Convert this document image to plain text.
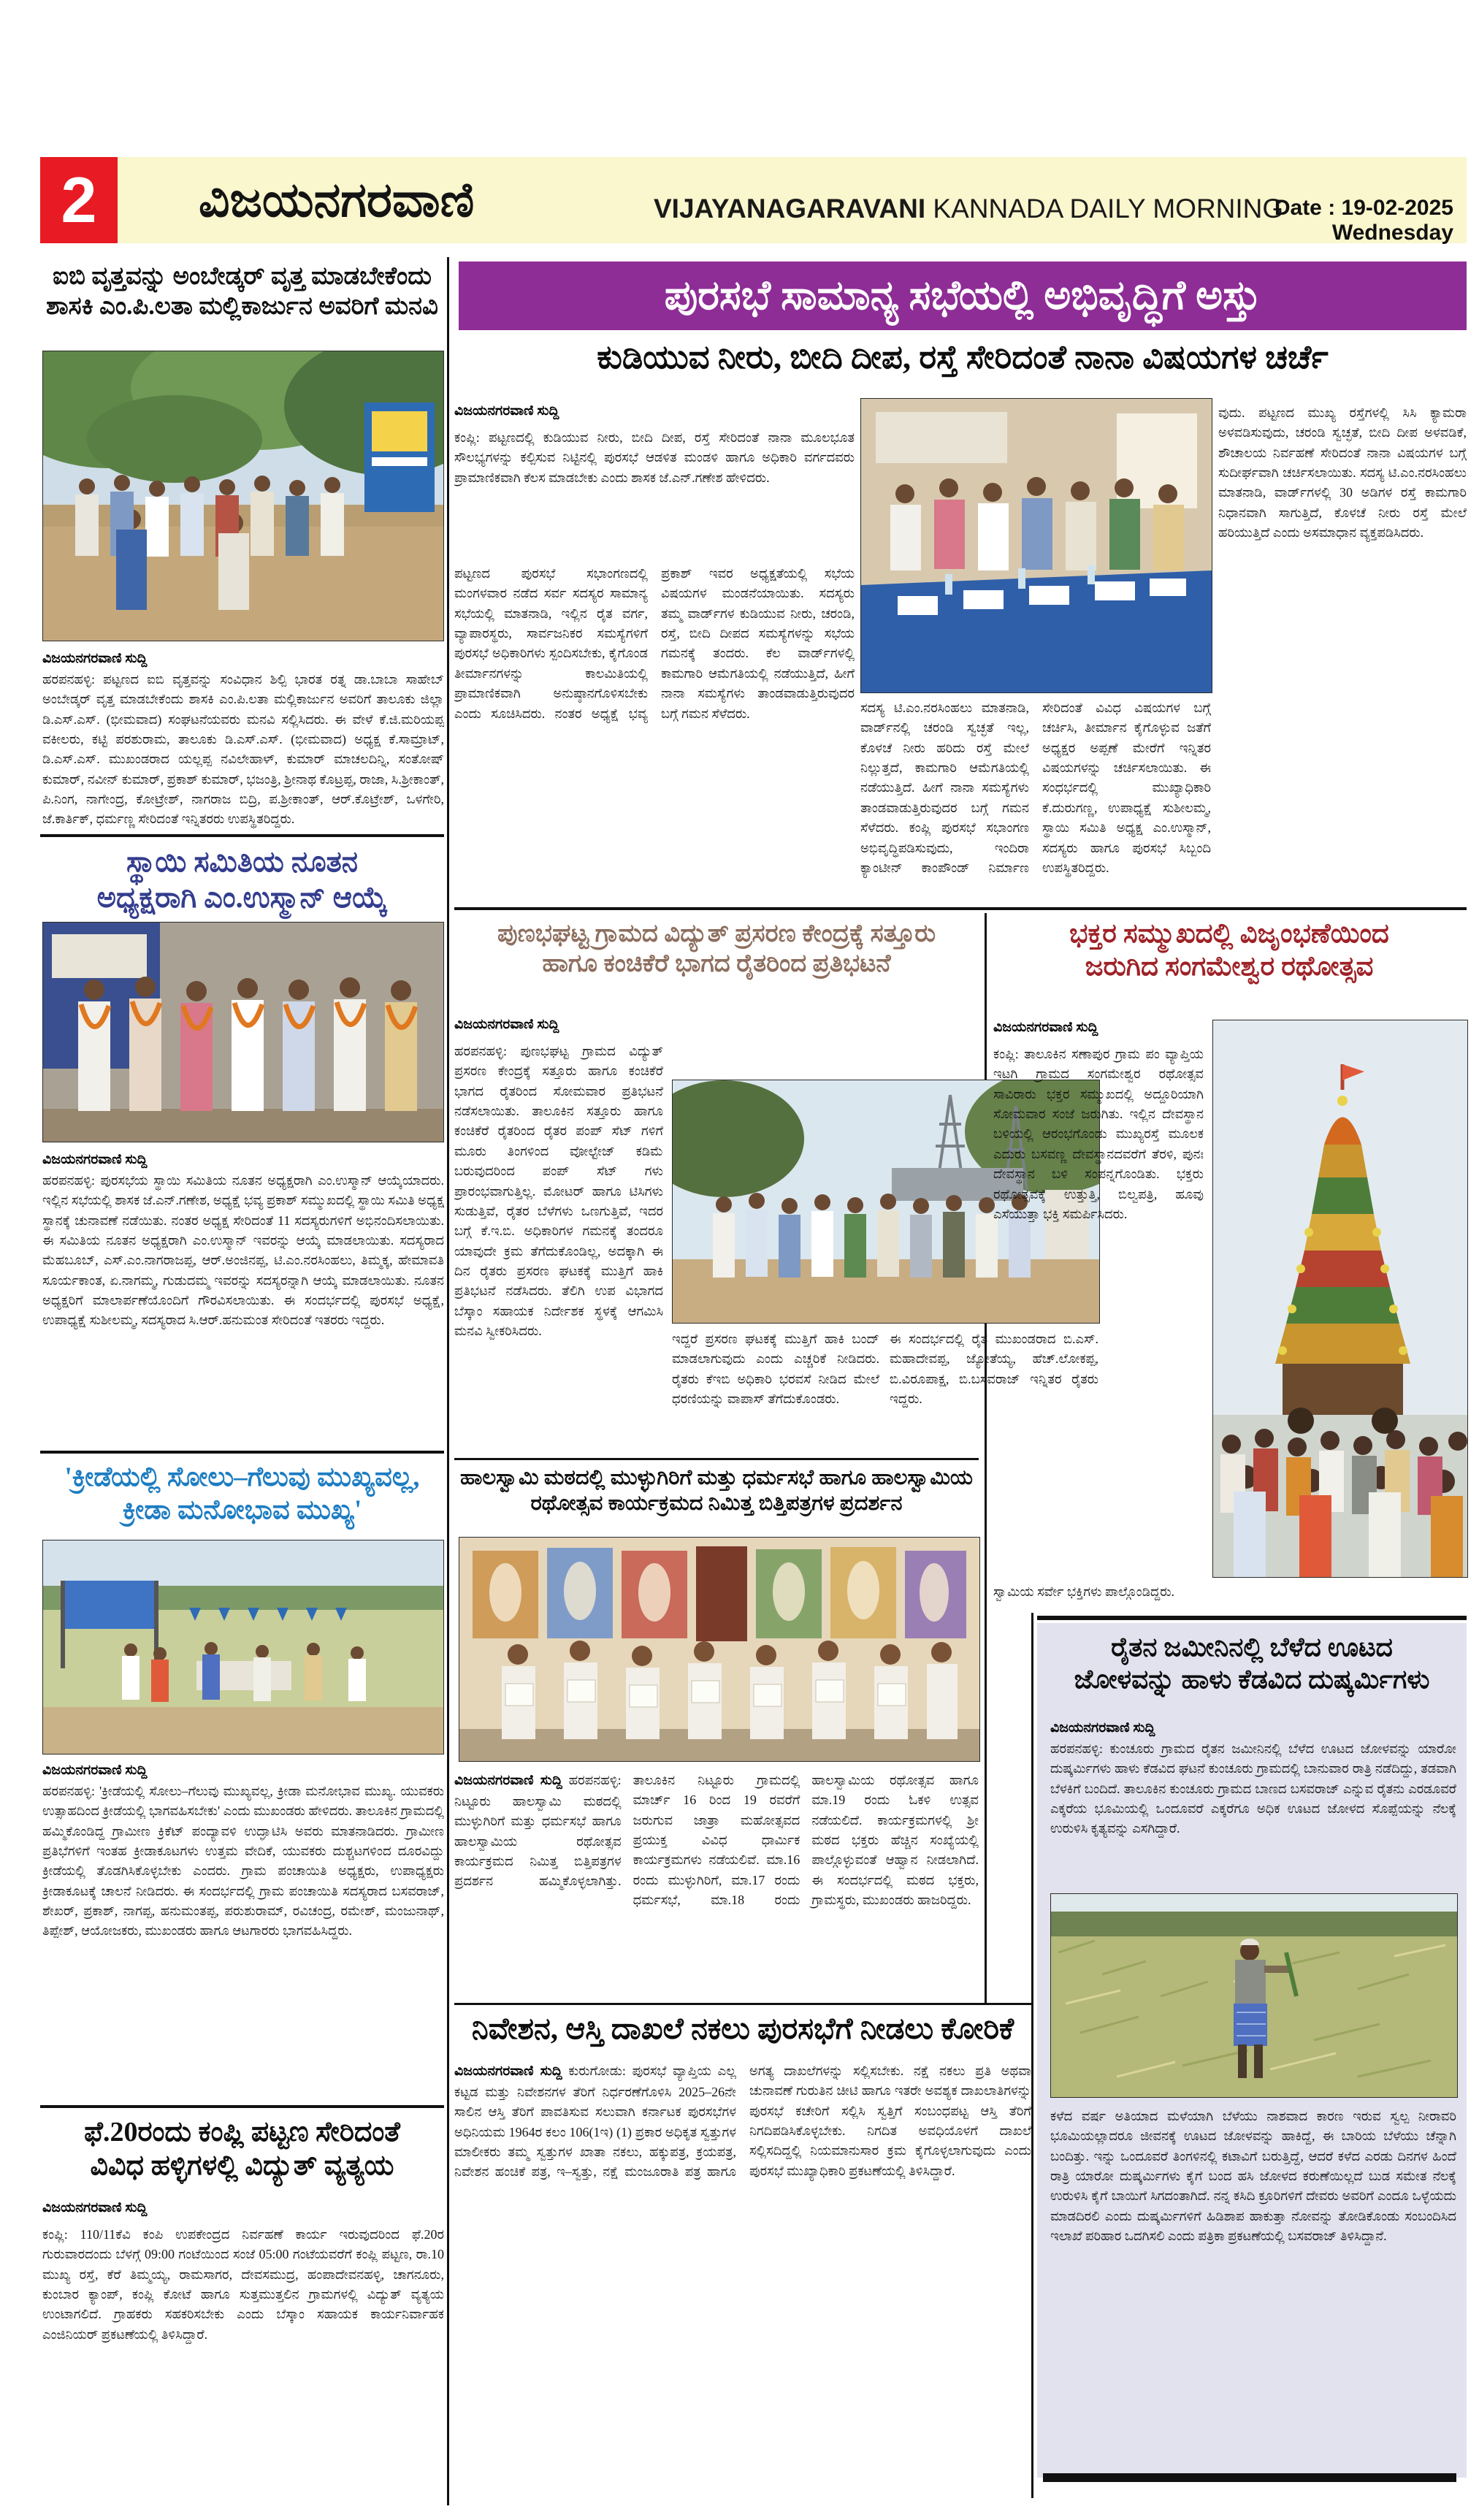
2 ವಿಜಯನಗರವಾಣಿ	VIJAYANAGARAVANI KANNADA DAILY MORNING
Date : 19-02-2025 Wednesday
ಐಬಿ ವೃತ್ತವನ್ನು ಅಂಬೇಡ್ಕರ್ ವೃತ್ತ ಮಾಡಬೇಕೆಂದು
ಶಾಸಕಿ ಎಂ.ಪಿ.ಲತಾ ಮಲ್ಲಿಕಾರ್ಜುನ ಅವರಿಗೆ ಮನವಿ
ವಿಜಯನಗರವಾಣಿ ಸುದ್ದಿ
ಹರಪನಹಳ್ಳಿ: ಪಟ್ಟಣದ ಐಬಿ ವೃತ್ತವನ್ನು ಸಂವಿಧಾನ ಶಿಲ್ಪಿ ಭಾರತ ರತ್ನ ಡಾ.ಬಾಬಾ ಸಾಹೇಬ್ ಅಂಬೇಡ್ಕರ್ ವೃತ್ತ ಮಾಡಬೇಕೆಂದು ಶಾಸಕಿ ಎಂ.ಪಿ.ಲತಾ ಮಲ್ಲಿಕಾರ್ಜುನ ಅವರಿಗೆ ತಾಲೂಕು ಜಿಲ್ಲಾ ಡಿ.ಎಸ್.ಎಸ್. (ಭೀಮವಾದ) ಸಂಘಟನೆಯವರು ಮನವಿ ಸಲ್ಲಿಸಿದರು. ಈ ವೇಳೆ ಕೆ.ಜಿ.ಮರಿಯಪ್ಪ ವಕೀಲರು, ಕಟ್ಟಿ ಪರಶುರಾಮ, ತಾಲೂಕು ಡಿ.ಎಸ್.ಎಸ್. (ಭೀಮವಾದ) ಅಧ್ಯಕ್ಷ ಕೆ.ಸಾಮ್ರಾಟ್, ಡಿ.ಎಸ್.ಎಸ್. ಮುಖಂಡರಾದ ಯಲ್ಲಪ್ಪ ನವಿಲೇಹಾಳ್, ಕುಮಾರ್ ಮಾಚಲದಿನ್ನಿ, ಸಂತೋಷ್ ಕುಮಾರ್, ನವೀನ್ ಕುಮಾರ್, ಪ್ರಕಾಶ್ ಕುಮಾರ್, ಭಜಂತ್ರಿ, ಶ್ರೀನಾಥ ಕೊಟ್ರಪ್ಪ, ರಾಜಾ, ಸಿ.ಶ್ರೀಕಾಂತ್, ಪಿ.ನಿಂಗ, ನಾಗೇಂದ್ರ, ಕೋಟ್ರೇಶ್, ನಾಗರಾಜ ಬಿದ್ರಿ, ಪ.ಶ್ರೀಕಾಂತ್, ಆರ್.ಕೊಟ್ರೇಶ್, ಒಳಗೇರಿ, ಜೆ.ಕಾರ್ತಿಕ್, ಧರ್ಮಣ್ಣ ಸೇರಿದಂತೆ ಇನ್ನಿತರರು ಉಪಸ್ಥಿತರಿದ್ದರು.
ಸ್ಥಾಯಿ ಸಮಿತಿಯ ನೂತನ
ಅಧ್ಯಕ್ಷರಾಗಿ ಎಂ.ಉಸ್ಮಾನ್ ಆಯ್ಕೆ
ವಿಜಯನಗರವಾಣಿ ಸುದ್ದಿ
ಹರಪನಹಳ್ಳಿ: ಪುರಸಭೆಯ ಸ್ಥಾಯಿ ಸಮಿತಿಯ ನೂತನ ಅಧ್ಯಕ್ಷರಾಗಿ ಎಂ.ಉಸ್ಮಾನ್ ಆಯ್ಕೆಯಾದರು. ಇಲ್ಲಿನ ಸಭೆಯಲ್ಲಿ ಶಾಸಕ ಜೆ.ಎನ್.ಗಣೇಶ, ಅಧ್ಯಕ್ಷೆ ಭವ್ಯ ಪ್ರಕಾಶ್ ಸಮ್ಮುಖದಲ್ಲಿ ಸ್ಥಾಯಿ ಸಮಿತಿ ಅಧ್ಯಕ್ಷ ಸ್ಥಾನಕ್ಕೆ ಚುನಾವಣೆ ನಡೆಯಿತು. ನಂತರ ಅಧ್ಯಕ್ಷ ಸೇರಿದಂತೆ 11 ಸದಸ್ಯರುಗಳಿಗೆ ಅಭಿನಂದಿಸಲಾಯಿತು. ಈ ಸಮಿತಿಯ ನೂತನ ಅಧ್ಯಕ್ಷರಾಗಿ ಎಂ.ಉಸ್ಮಾನ್ ಇವರನ್ನು ಆಯ್ಕೆ ಮಾಡಲಾಯಿತು. ಸದಸ್ಯರಾದ ಮೆಹಬೂಬ್, ಎಸ್.ಎಂ.ನಾಗರಾಜಪ್ಪ, ಆರ್.ಅಂಜಿನಪ್ಪ, ಟಿ.ಎಂ.ನರಸಿಂಹಲು, ತಿಮ್ಮಕ್ಕ, ಹೇಮಾವತಿ ಸೂರ್ಯಕಾಂತ, ಏ.ನಾಗಮ್ಮ, ಗುಡುದಮ್ಮ ಇವರನ್ನು ಸದಸ್ಯರನ್ನಾಗಿ ಆಯ್ಕೆ ಮಾಡಲಾಯಿತು. ನೂತನ ಅಧ್ಯಕ್ಷರಿಗೆ ಮಾಲಾರ್ಪಣೆಯೊಂದಿಗೆ ಗೌರವಿಸಲಾಯಿತು. ಈ ಸಂದರ್ಭದಲ್ಲಿ ಪುರಸಭೆ ಅಧ್ಯಕ್ಷೆ, ಉಪಾಧ್ಯಕ್ಷೆ ಸುಶೀಲಮ್ಮ, ಸದಸ್ಯರಾದ ಸಿ.ಆರ್.ಹನುಮಂತ ಸೇರಿದಂತೆ ಇತರರು ಇದ್ದರು.
'ಕ್ರೀಡೆಯಲ್ಲಿ ಸೋಲು–ಗೆಲುವು ಮುಖ್ಯವಲ್ಲ,
ಕ್ರೀಡಾ ಮನೋಭಾವ ಮುಖ್ಯ'
ವಿಜಯನಗರವಾಣಿ ಸುದ್ದಿ
ಹರಪನಹಳ್ಳಿ: 'ಕ್ರೀಡೆಯಲ್ಲಿ ಸೋಲು–ಗೆಲುವು ಮುಖ್ಯವಲ್ಲ, ಕ್ರೀಡಾ ಮನೋಭಾವ ಮುಖ್ಯ. ಯುವಕರು ಉತ್ಸಾಹದಿಂದ ಕ್ರೀಡೆಯಲ್ಲಿ ಭಾಗವಹಿಸಬೇಕು' ಎಂದು ಮುಖಂಡರು ಹೇಳಿದರು. ತಾಲೂಕಿನ ಗ್ರಾಮದಲ್ಲಿ ಹಮ್ಮಿಕೊಂಡಿದ್ದ ಗ್ರಾಮೀಣ ಕ್ರಿಕೆಟ್ ಪಂದ್ಯಾವಳಿ ಉದ್ಘಾಟಿಸಿ ಅವರು ಮಾತನಾಡಿದರು. ಗ್ರಾಮೀಣ ಪ್ರತಿಭೆಗಳಿಗೆ ಇಂತಹ ಕ್ರೀಡಾಕೂಟಗಳು ಉತ್ತಮ ವೇದಿಕೆ, ಯುವಕರು ದುಶ್ಚಟಗಳಿಂದ ದೂರವಿದ್ದು ಕ್ರೀಡೆಯಲ್ಲಿ ತೊಡಗಿಸಿಕೊಳ್ಳಬೇಕು ಎಂದರು. ಗ್ರಾಮ ಪಂಚಾಯಿತಿ ಅಧ್ಯಕ್ಷರು, ಉಪಾಧ್ಯಕ್ಷರು ಕ್ರೀಡಾಕೂಟಕ್ಕೆ ಚಾಲನೆ ನೀಡಿದರು. ಈ ಸಂದರ್ಭದಲ್ಲಿ ಗ್ರಾಮ ಪಂಚಾಯಿತಿ ಸದಸ್ಯರಾದ ಬಸವರಾಜ್, ಶೇಖರ್, ಪ್ರಕಾಶ್, ನಾಗಪ್ಪ, ಹನುಮಂತಪ್ಪ, ಪರುಶುರಾಮ್, ರವಿಚಂದ್ರ, ರಮೇಶ್, ಮಂಜುನಾಥ್, ತಿಪ್ಪೇಶ್, ಆಯೋಜಕರು, ಮುಖಂಡರು ಹಾಗೂ ಆಟಗಾರರು ಭಾಗವಹಿಸಿದ್ದರು.
ಫೆ.20ರಂದು ಕಂಪ್ಲಿ ಪಟ್ಟಣ ಸೇರಿದಂತೆ
ವಿವಿಧ ಹಳ್ಳಿಗಳಲ್ಲಿ ವಿದ್ಯುತ್ ವ್ಯತ್ಯಯ
ವಿಜಯನಗರವಾಣಿ ಸುದ್ದಿ
ಕಂಪ್ಲಿ: 110/11ಕೆವಿ ಕಂಪಿ ಉಪಕೇಂದ್ರದ ನಿರ್ವಹಣೆ ಕಾರ್ಯ ಇರುವುದರಿಂದ ಫೆ.20ರ ಗುರುವಾರದಂದು ಬೆಳಗ್ಗೆ 09:00 ಗಂಟೆಯಿಂದ ಸಂಜೆ 05:00 ಗಂಟೆಯವರೆಗೆ ಕಂಪ್ಲಿ ಪಟ್ಟಣ, ರಾ.10 ಮುಖ್ಯ ರಸ್ತೆ, ಕೆರೆ ತಿಮ್ಮಯ್ಯ, ರಾಮಸಾಗರ, ದೇವಸಮುದ್ರ, ಹಂಪಾದೇವನಹಳ್ಳಿ, ಚಾಗನೂರು, ಕುಂಬಾರ ಕ್ಯಾಂಪ್, ಕಂಪ್ಲಿ ಕೋಟೆ ಹಾಗೂ ಸುತ್ತಮುತ್ತಲಿನ ಗ್ರಾಮಗಳಲ್ಲಿ ವಿದ್ಯುತ್ ವ್ಯತ್ಯಯ ಉಂಟಾಗಲಿದೆ. ಗ್ರಾಹಕರು ಸಹಕರಿಸಬೇಕು ಎಂದು ಬೆಸ್ಕಾಂ ಸಹಾಯಕ ಕಾರ್ಯನಿರ್ವಾಹಕ ಎಂಜಿನಿಯರ್ ಪ್ರಕಟಣೆಯಲ್ಲಿ ತಿಳಿಸಿದ್ದಾರೆ.
ಪುರಸಭೆ ಸಾಮಾನ್ಯ ಸಭೆಯಲ್ಲಿ ಅಭಿವೃದ್ಧಿಗೆ ಅಸ್ತು
ಕುಡಿಯುವ ನೀರು, ಬೀದಿ ದೀಪ, ರಸ್ತೆ ಸೇರಿದಂತೆ ನಾನಾ ವಿಷಯಗಳ ಚರ್ಚೆ
ವಿಜಯನಗರವಾಣಿ ಸುದ್ದಿ
ಕಂಪ್ಲಿ: ಪಟ್ಟಣದಲ್ಲಿ ಕುಡಿಯುವ ನೀರು, ಬೀದಿ ದೀಪ, ರಸ್ತೆ ಸೇರಿದಂತೆ ನಾನಾ ಮೂಲಭೂತ ಸೌಲಭ್ಯಗಳನ್ನು ಕಲ್ಪಿಸುವ ನಿಟ್ಟಿನಲ್ಲಿ ಪುರಸಭೆ ಆಡಳಿತ ಮಂಡಳಿ ಹಾಗೂ ಅಧಿಕಾರಿ ವರ್ಗದವರು ಪ್ರಾಮಾಣಿಕವಾಗಿ ಕೆಲಸ ಮಾಡಬೇಕು ಎಂದು ಶಾಸಕ ಜೆ.ಎನ್.ಗಣೇಶ ಹೇಳಿದರು.
ಪಟ್ಟಣದ ಪುರಸಭೆ ಸಭಾಂಗಣದಲ್ಲಿ ಮಂಗಳವಾರ ನಡೆದ ಸರ್ವ ಸದಸ್ಯರ ಸಾಮಾನ್ಯ ಸಭೆಯಲ್ಲಿ ಮಾತನಾಡಿ, ಇಲ್ಲಿನ ರೈತ ವರ್ಗ, ವ್ಯಾಪಾರಸ್ಥರು, ಸಾರ್ವಜನಿಕರ ಸಮಸ್ಯೆಗಳಿಗೆ ಪುರಸಭೆ ಅಧಿಕಾರಿಗಳು ಸ್ಪಂದಿಸಬೇಕು, ಕೈಗೊಂಡ ತೀರ್ಮಾನಗಳನ್ನು ಕಾಲಮಿತಿಯಲ್ಲಿ ಪ್ರಾಮಾಣಿಕವಾಗಿ ಅನುಷ್ಠಾನಗೊಳಿಸಬೇಕು ಎಂದು ಸೂಚಿಸಿದರು. ನಂತರ ಅಧ್ಯಕ್ಷೆ ಭವ್ಯ ಪ್ರಕಾಶ್ ಇವರ ಅಧ್ಯಕ್ಷತೆಯಲ್ಲಿ ಸಭೆಯ ವಿಷಯಗಳ ಮಂಡನೆಯಾಯಿತು. ಸದಸ್ಯರು ತಮ್ಮ ವಾರ್ಡ್‌ಗಳ ಕುಡಿಯುವ ನೀರು, ಚರಂಡಿ, ರಸ್ತೆ, ಬೀದಿ ದೀಪದ ಸಮಸ್ಯೆಗಳನ್ನು ಸಭೆಯ ಗಮನಕ್ಕೆ ತಂದರು. ಕೆಲ ವಾರ್ಡ್‌ಗಳಲ್ಲಿ ಕಾಮಗಾರಿ ಆಮೆಗತಿಯಲ್ಲಿ ನಡೆಯುತ್ತಿದೆ, ಹೀಗೆ ನಾನಾ ಸಮಸ್ಯೆಗಳು ತಾಂಡವಾಡುತ್ತಿರುವುದರ ಬಗ್ಗೆ ಗಮನ ಸೆಳೆದರು.
ವುದು. ಪಟ್ಟಣದ ಮುಖ್ಯ ರಸ್ತೆಗಳಲ್ಲಿ ಸಿಸಿ ಕ್ಯಾಮರಾ ಅಳವಡಿಸುವುದು, ಚರಂಡಿ ಸ್ವಚ್ಛತೆ, ಬೀದಿ ದೀಪ ಅಳವಡಿಕೆ, ಶೌಚಾಲಯ ನಿರ್ವಹಣೆ ಸೇರಿದಂತೆ ನಾನಾ ವಿಷಯಗಳ ಬಗ್ಗೆ ಸುದೀರ್ಘವಾಗಿ ಚರ್ಚಿಸಲಾಯಿತು. ಸದಸ್ಯ ಟಿ.ಎಂ.ನರಸಿಂಹಲು ಮಾತನಾಡಿ, ವಾರ್ಡ್‌ಗಳಲ್ಲಿ 30 ಅಡಿಗಳ ರಸ್ತೆ ಕಾಮಗಾರಿ ನಿಧಾನವಾಗಿ ಸಾಗುತ್ತಿದೆ, ಕೊಳಚೆ ನೀರು ರಸ್ತೆ ಮೇಲೆ ಹರಿಯುತ್ತಿದೆ ಎಂದು ಅಸಮಾಧಾನ ವ್ಯಕ್ತಪಡಿಸಿದರು.
ಸದಸ್ಯ ಟಿ.ಎಂ.ನರಸಿಂಹಲು ಮಾತನಾಡಿ, ವಾರ್ಡ್‌ನಲ್ಲಿ ಚರಂಡಿ ಸ್ವಚ್ಛತೆ ಇಲ್ಲ, ಕೊಳಚೆ ನೀರು ಹರಿದು ರಸ್ತೆ ಮೇಲೆ ನಿಲ್ಲುತ್ತದೆ, ಕಾಮಗಾರಿ ಆಮೆಗತಿಯಲ್ಲಿ ನಡೆಯುತ್ತಿದೆ. ಹೀಗೆ ನಾನಾ ಸಮಸ್ಯೆಗಳು ತಾಂಡವಾಡುತ್ತಿರುವುದರ ಬಗ್ಗೆ ಗಮನ ಸೆಳೆದರು. ಕಂಪ್ಲಿ ಪುರಸಭೆ ಸಭಾಂಗಣ ಅಭಿವೃದ್ಧಿಪಡಿಸುವುದು, ಇಂದಿರಾ ಕ್ಯಾಂಟೀನ್ ಕಾಂಪೌಂಡ್ ನಿರ್ಮಾಣ ಸೇರಿದಂತೆ ವಿವಿಧ ವಿಷಯಗಳ ಬಗ್ಗೆ ಚರ್ಚಿಸಿ, ತೀರ್ಮಾನ ಕೈಗೊಳ್ಳುವ ಜತೆಗೆ ಅಧ್ಯಕ್ಷರ ಅಪ್ಪಣೆ ಮೇರೆಗೆ ಇನ್ನಿತರ ವಿಷಯಗಳನ್ನು ಚರ್ಚಿಸಲಾಯಿತು. ಈ ಸಂಧರ್ಭದಲ್ಲಿ ಮುಖ್ಯಾಧಿಕಾರಿ ಕೆ.ದುರುಗಣ್ಣ, ಉಪಾಧ್ಯಕ್ಷೆ ಸುಶೀಲಮ್ಮ, ಸ್ಥಾಯಿ ಸಮಿತಿ ಅಧ್ಯಕ್ಷ ಎಂ.ಉಸ್ಮಾನ್, ಸದಸ್ಯರು ಹಾಗೂ ಪುರಸಭೆ ಸಿಬ್ಬಂದಿ ಉಪಸ್ಥಿತರಿದ್ದರು.
ಪುಣಭಘಟ್ಟ ಗ್ರಾಮದ ವಿದ್ಯುತ್ ಪ್ರಸರಣ ಕೇಂದ್ರಕ್ಕೆ ಸತ್ತೂರು
ಹಾಗೂ ಕಂಚಿಕೆರೆ ಭಾಗದ ರೈತರಿಂದ ಪ್ರತಿಭಟನೆ
ವಿಜಯನಗರವಾಣಿ ಸುದ್ದಿ
ಹರಪನಹಳ್ಳಿ: ಪುಣಭಘಟ್ಟ ಗ್ರಾಮದ ವಿದ್ಯುತ್ ಪ್ರಸರಣ ಕೇಂದ್ರಕ್ಕೆ ಸತ್ತೂರು ಹಾಗೂ ಕಂಚಿಕೆರೆ ಭಾಗದ ರೈತರಿಂದ ಸೋಮವಾರ ಪ್ರತಿಭಟನೆ ನಡೆಸಲಾಯಿತು. ತಾಲೂಕಿನ ಸತ್ತೂರು ಹಾಗೂ ಕಂಚಿಕೆರೆ ರೈತರಿಂದ ರೈತರ ಪಂಪ್ ಸೆಟ್ ಗಳಿಗೆ ಮೂರು ತಿಂಗಳಿಂದ ವೋಲ್ಟೇಜ್ ಕಡಿಮೆ ಬರುವುದರಿಂದ ಪಂಪ್ ಸೆಟ್ ಗಳು ಪ್ರಾರಂಭವಾಗುತ್ತಿಲ್ಲ. ಮೋಟರ್ ಹಾಗೂ ಟಿಸಿಗಳು ಸುಡುತ್ತಿವೆ, ರೈತರ ಬೆಳೆಗಳು ಒಣಗುತ್ತಿವೆ, ಇದರ ಬಗ್ಗೆ ಕೆ.ಇ.ಬಿ. ಅಧಿಕಾರಿಗಳ ಗಮನಕ್ಕೆ ತಂದರೂ ಯಾವುದೇ ಕ್ರಮ ತೆಗೆದುಕೊಂಡಿಲ್ಲ, ಅದಕ್ಕಾಗಿ ಈ ದಿನ ರೈತರು ಪ್ರಸರಣ ಘಟಕಕ್ಕೆ ಮುತ್ತಿಗೆ ಹಾಕಿ ಪ್ರತಿಭಟನೆ ನಡೆಸಿದರು. ತೆಲಿಗಿ ಉಪ ವಿಭಾಗದ ಬೆಸ್ಕಾಂ ಸಹಾಯಕ ನಿರ್ದೇಶಕ ಸ್ಥಳಕ್ಕೆ ಆಗಮಿಸಿ ಮನವಿ ಸ್ವೀಕರಿಸಿದರು.
ಇದ್ದರೆ ಪ್ರಸರಣ ಘಟಕಕ್ಕೆ ಮುತ್ತಿಗೆ ಹಾಕಿ ಬಂದ್ ಮಾಡಲಾಗುವುದು ಎಂದು ಎಚ್ಚರಿಕೆ ನೀಡಿದರು. ರೈತರು ಕೆಇಬಿ ಅಧಿಕಾರಿ ಭರವಸೆ ನೀಡಿದ ಮೇಲೆ ಧರಣಿಯನ್ನು ವಾಪಾಸ್ ತೆಗೆದುಕೊಂಡರು.
ಈ ಸಂದರ್ಭದಲ್ಲಿ ರೈತ ಮುಖಂಡರಾದ ಬಿ.ಎಸ್. ಮಹಾದೇವಪ್ಪ, ಜ್ಯೋತೆಯ್ಯ, ಹೆಚ್.ಲೋಕಪ್ಪ, ಬಿ.ವಿರೂಪಾಕ್ಷ, ಬಿ.ಬಸವರಾಜ್ ಇನ್ನಿತರ ರೈತರು ಇದ್ದರು.
ಭಕ್ತರ ಸಮ್ಮುಖದಲ್ಲಿ ವಿಜೃಂಭಣೆಯಿಂದ
ಜರುಗಿದ ಸಂಗಮೇಶ್ವರ ರಥೋತ್ಸವ
ವಿಜಯನಗರವಾಣಿ ಸುದ್ದಿ
ಕಂಪ್ಲಿ: ತಾಲೂಕಿನ ಸಣಾಪುರ ಗ್ರಾಮ ಪಂ ವ್ಯಾಪ್ತಿಯ ಇಟಗಿ ಗ್ರಾಮದ ಸಂಗಮೇಶ್ವರ ರಥೋತ್ಸವ ಸಾವಿರಾರು ಭಕ್ತರ ಸಮ್ಮುಖದಲ್ಲಿ ಅದ್ದೂರಿಯಾಗಿ ಸೋಮವಾರ ಸಂಜೆ ಜರುಗಿತು. ಇಲ್ಲಿನ ದೇವಸ್ಥಾನ ಬಳಿಯಲ್ಲಿ ಆರಂಭಗೊಂಡು ಮುಖ್ಯರಸ್ತೆ ಮೂಲಕ ಎದುರು ಬಸವಣ್ಣ ದೇವಸ್ಥಾನದವರೆಗೆ ತೆರಳಿ, ಪುನಃ ದೇವಸ್ಥಾನ ಬಳಿ ಸಂಪನ್ನಗೊಂಡಿತು. ಭಕ್ತರು ರಥೋತ್ಸವಕ್ಕೆ ಉತ್ತುತ್ತಿ, ಬಿಲ್ವಪತ್ರಿ, ಹೂವು ಎಸೆಯುತ್ತಾ ಭಕ್ತಿ ಸಮರ್ಪಿಸಿದರು.
ಸ್ವಾಮಿಯ ಸರ್ವೇ ಭಕ್ತಿಗಳು ಪಾಲ್ಗೊಂಡಿದ್ದರು.
ಹಾಲಸ್ವಾಮಿ ಮಠದಲ್ಲಿ ಮುಳ್ಳುಗಿರಿಗೆ ಮತ್ತು ಧರ್ಮಸಭೆ ಹಾಗೂ ಹಾಲಸ್ವಾಮಿಯ
ರಥೋತ್ಸವ ಕಾರ್ಯಕ್ರಮದ ನಿಮಿತ್ತ ಬಿತ್ತಿಪತ್ರಗಳ ಪ್ರದರ್ಶನ
ವಿಜಯನಗರವಾಣಿ ಸುದ್ದಿ ಹರಪನಹಳ್ಳಿ: ನಿಟ್ಟೂರು ಹಾಲಸ್ವಾಮಿ ಮಠದಲ್ಲಿ ಮುಳ್ಳುಗಿರಿಗೆ ಮತ್ತು ಧರ್ಮಸಭೆ ಹಾಗೂ ಹಾಲಸ್ವಾಮಿಯ ರಥೋತ್ಸವ ಕಾರ್ಯಕ್ರಮದ ನಿಮಿತ್ತ ಬಿತ್ತಿಪತ್ರಗಳ ಪ್ರದರ್ಶನ ಹಮ್ಮಿಕೊಳ್ಳಲಾಗಿತ್ತು. ತಾಲೂಕಿನ ನಿಟ್ಟೂರು ಗ್ರಾಮದಲ್ಲಿ ಮಾರ್ಚ್ 16 ರಿಂದ 19 ರವರೆಗೆ ಜರುಗುವ ಜಾತ್ರಾ ಮಹೋತ್ಸವದ ಪ್ರಯುಕ್ತ ವಿವಿಧ ಧಾರ್ಮಿಕ ಕಾರ್ಯಕ್ರಮಗಳು ನಡೆಯಲಿವೆ. ಮಾ.16 ರಂದು ಮುಳ್ಳುಗಿರಿಗೆ, ಮಾ.17 ರಂದು ಧರ್ಮಸಭೆ, ಮಾ.18 ರಂದು ಹಾಲಸ್ವಾಮಿಯ ರಥೋತ್ಸವ ಹಾಗೂ ಮಾ.19 ರಂದು ಓಕಳಿ ಉತ್ಸವ ನಡೆಯಲಿದೆ. ಕಾರ್ಯಕ್ರಮಗಳಲ್ಲಿ ಶ್ರೀ ಮಠದ ಭಕ್ತರು ಹೆಚ್ಚಿನ ಸಂಖ್ಯೆಯಲ್ಲಿ ಪಾಲ್ಗೊಳ್ಳುವಂತೆ ಆಹ್ವಾನ ನೀಡಲಾಗಿದೆ. ಈ ಸಂದರ್ಭದಲ್ಲಿ ಮಠದ ಭಕ್ತರು, ಗ್ರಾಮಸ್ಥರು, ಮುಖಂಡರು ಹಾಜರಿದ್ದರು.
ರೈತನ ಜಮೀನಿನಲ್ಲಿ ಬೆಳೆದ ಊಟದ
ಜೋಳವನ್ನು ಹಾಳು ಕೆಡವಿದ ದುಷ್ಕರ್ಮಿಗಳು
ವಿಜಯನಗರವಾಣಿ ಸುದ್ದಿ
ಹರಪನಹಳ್ಳಿ: ಕುಂಚೂರು ಗ್ರಾಮದ ರೈತನ ಜಮೀನಿನಲ್ಲಿ ಬೆಳೆದ ಊಟದ ಜೋಳವನ್ನು ಯಾರೋ ದುಷ್ಕರ್ಮಿಗಳು ಹಾಳು ಕೆಡವಿದ ಘಟನೆ ಕುಂಚೂರು ಗ್ರಾಮದಲ್ಲಿ ಬಾನುವಾರ ರಾತ್ರಿ ನಡೆದಿದ್ದು, ತಡವಾಗಿ ಬೆಳಕಿಗೆ ಬಂದಿದೆ. ತಾಲೂಕಿನ ಕುಂಚೂರು ಗ್ರಾಮದ ಬಾಣದ ಬಸವರಾಜ್ ಎನ್ನುವ ರೈತನು ಎರಡೂವರೆ ಎಕ್ಕರೆಯ ಭೂಮಿಯಲ್ಲಿ ಒಂದೂವರೆ ಎಕ್ಕರೆಗೂ ಅಧಿಕ ಊಟದ ಜೋಳದ ಸೊಪ್ಪೆಯನ್ನು ನೆಲಕ್ಕೆ ಉರುಳಿಸಿ ಕೃತ್ಯವನ್ನು ಎಸಗಿದ್ದಾರೆ.
ಕಳೆದ ವರ್ಷ ಅತಿಯಾದ ಮಳೆಯಾಗಿ ಬೆಳೆಯು ನಾಶವಾದ ಕಾರಣ ಇರುವ ಸ್ವಲ್ಪ ನೀರಾವರಿ ಭೂಮಿಯಲ್ಲಾದರೂ ಜೀವನಕ್ಕೆ ಊಟದ ಜೋಳವನ್ನು ಹಾಕಿದ್ದೆ, ಈ ಬಾರಿಯ ಬೆಳೆಯು ಚೆನ್ನಾಗಿ ಬಂದಿತ್ತು. ಇನ್ನು ಒಂದೂವರೆ ತಿಂಗಳಿನಲ್ಲಿ ಕಟಾವಿಗೆ ಬರುತ್ತಿದ್ದೆ, ಆದರೆ ಕಳೆದ ಎರಡು ದಿನಗಳ ಹಿಂದೆ ರಾತ್ರಿ ಯಾರೋ ದುಷ್ಕರ್ಮಿಗಳು ಕೈಗೆ ಬಂದ ಹಸಿ ಜೋಳದ ಕರುಣೆಯಿಲ್ಲದೆ ಬುಡ ಸಮೇತ ನೆಲಕ್ಕೆ ಉರುಳಿಸಿ ಕೈಗೆ ಬಾಯಿಗೆ ಸಿಗದಂತಾಗಿದೆ. ನನ್ನ ಕಸಿದಿ ಕ್ರೂರಿಗಳಿಗೆ ದೇವರು ಅವರಿಗೆ ಎಂದೂ ಒಳ್ಳೆಯದು ಮಾಡದಿರಲಿ ಎಂದು ದುಷ್ಕರ್ಮಿಗಳಿಗೆ ಹಿಡಿಶಾಪ ಹಾಕುತ್ತಾ ನೋವನ್ನು ತೋಡಿಕೊಂಡು ಸಂಬಂದಿಸಿದ ಇಲಾಖೆ ಪರಿಹಾರ ಒದಗಿಸಲಿ ಎಂದು ಪತ್ರಿಕಾ ಪ್ರಕಟಣೆಯಲ್ಲಿ ಬಸವರಾಜ್ ತಿಳಿಸಿದ್ದಾನೆ.
ನಿವೇಶನ, ಆಸ್ತಿ ದಾಖಲೆ ನಕಲು ಪುರಸಭೆಗೆ ನೀಡಲು ಕೋರಿಕೆ
ವಿಜಯನಗರವಾಣಿ ಸುದ್ದಿ ಕುರುಗೋಡು: ಪುರಸಭೆ ವ್ಯಾಪ್ತಿಯ ಎಲ್ಲ ಕಟ್ಟಡ ಮತ್ತು ನಿವೇಶನಗಳ ತೆರಿಗೆ ನಿರ್ಧರಣೆಗೊಳಿಸಿ 2025–26ನೇ ಸಾಲಿನ ಆಸ್ತಿ ತೆರಿಗೆ ಪಾವತಿಸುವ ಸಲುವಾಗಿ ಕರ್ನಾಟಕ ಪುರಸಭೆಗಳ ಅಧಿನಿಯಮ 1964ರ ಕಲಂ 106(1ಇ) (1) ಪ್ರಕಾರ ಅಧಿಕೃತ ಸ್ವತ್ತುಗಳ ಮಾಲೀಕರು ತಮ್ಮ ಸ್ವತ್ತುಗಳ ಖಾತಾ ನಕಲು, ಹಕ್ಕುಪತ್ರ, ಕ್ರಯಪತ್ರ, ನಿವೇಶನ ಹಂಚಿಕೆ ಪತ್ರ, ಇ–ಸ್ವತ್ತು, ನಕ್ಷೆ ಮಂಜೂರಾತಿ ಪತ್ರ ಹಾಗೂ ಅಗತ್ಯ ದಾಖಲೆಗಳನ್ನು ಸಲ್ಲಿಸಬೇಕು. ನಕ್ಷೆ ನಕಲು ಪ್ರತಿ ಅಥವಾ ಚುನಾವಣೆ ಗುರುತಿನ ಚೀಟಿ ಹಾಗೂ ಇತರೇ ಅವಶ್ಯಕ ದಾಖಲಾತಿಗಳನ್ನು ಪುರಸಭೆ ಕಚೇರಿಗೆ ಸಲ್ಲಿಸಿ ಸ್ವತ್ತಿಗೆ ಸಂಬಂಧಪಟ್ಟ ಆಸ್ತಿ ತೆರಿಗೆ ನಿಗದಿಪಡಿಸಿಕೊಳ್ಳಬೇಕು. ನಿಗದಿತ ಅವಧಿಯೊಳಗೆ ದಾಖಲೆ ಸಲ್ಲಿಸದಿದ್ದಲ್ಲಿ ನಿಯಮಾನುಸಾರ ಕ್ರಮ ಕೈಗೊಳ್ಳಲಾಗುವುದು ಎಂದು ಪುರಸಭೆ ಮುಖ್ಯಾಧಿಕಾರಿ ಪ್ರಕಟಣೆಯಲ್ಲಿ ತಿಳಿಸಿದ್ದಾರೆ.
